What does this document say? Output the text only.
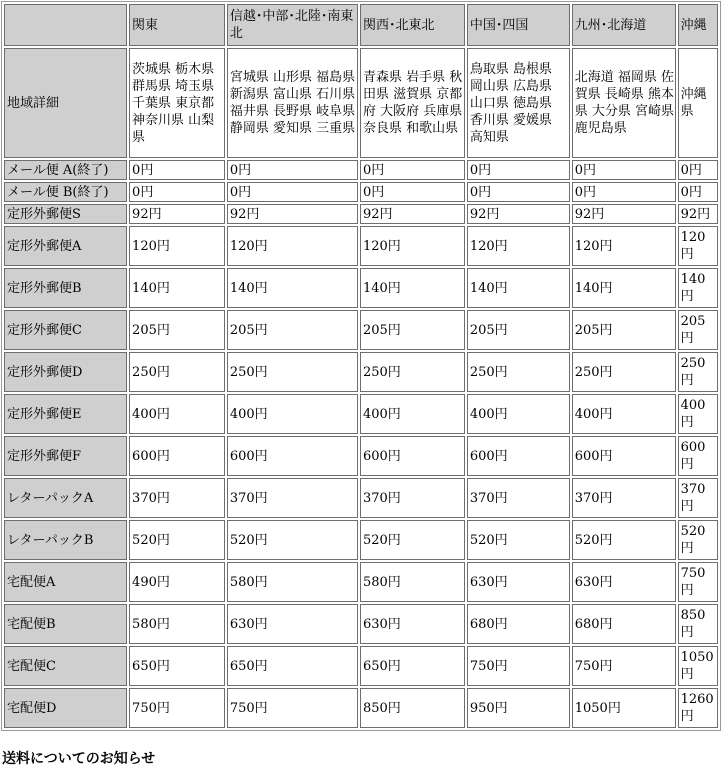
	関東	信越･中部･北陸･南東北	関西･北東北	中国･四国	九州･北海道	沖縄
地域詳細	茨城県 栃木県 群馬県 埼玉県 千葉県 東京都 神奈川県 山梨県	宮城県 山形県 福島県 新潟県 富山県 石川県 福井県 長野県 岐阜県 静岡県 愛知県 三重県	青森県 岩手県 秋田県 滋賀県 京都府 大阪府 兵庫県 奈良県 和歌山県	鳥取県 島根県 岡山県 広島県 山口県 徳島県 香川県 愛媛県 高知県	北海道 福岡県 佐賀県 長崎県 熊本県 大分県 宮崎県 鹿児島県	沖縄県
メール便 A(終了)	0円	0円	0円	0円	0円	0円
メール便 B(終了)	0円	0円	0円	0円	0円	0円
定形外郵便S	92円	92円	92円	92円	92円	92円
定形外郵便A	120円	120円	120円	120円	120円	120円
定形外郵便B	140円	140円	140円	140円	140円	140円
定形外郵便C	205円	205円	205円	205円	205円	205円
定形外郵便D	250円	250円	250円	250円	250円	250円
定形外郵便E	400円	400円	400円	400円	400円	400円
定形外郵便F	600円	600円	600円	600円	600円	600円
レターパックA	370円	370円	370円	370円	370円	370円
レターパックB	520円	520円	520円	520円	520円	520円
宅配便A	490円	580円	580円	630円	630円	750円
宅配便B	580円	630円	630円	680円	680円	850円
宅配便C	650円	650円	650円	750円	750円	1050円
宅配便D	750円	750円	850円	950円	1050円	1260円
送料についてのお知らせ
